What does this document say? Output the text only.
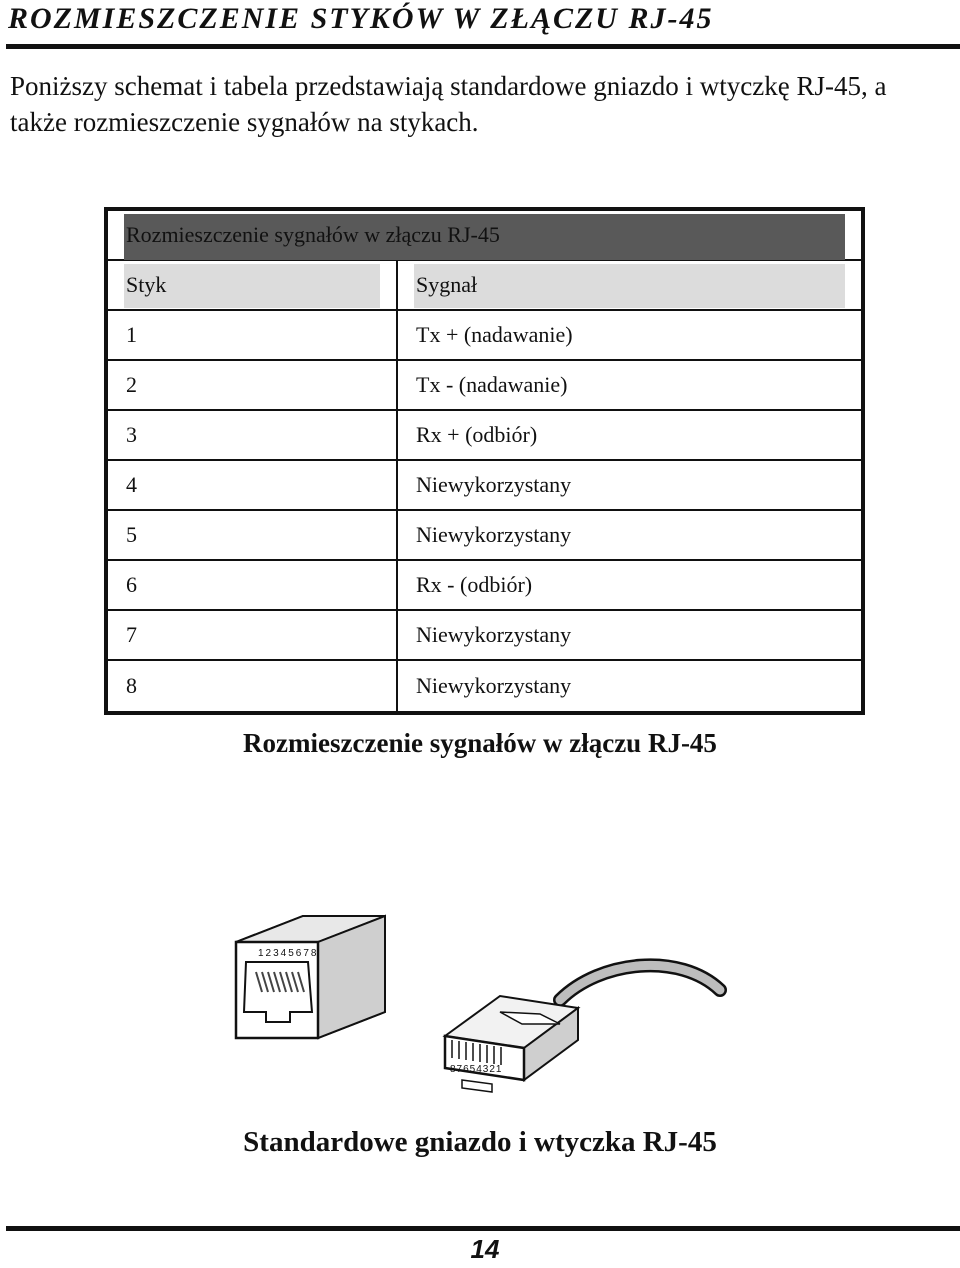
ROZMIESZCZENIE STYKÓW W ZŁĄCZU RJ-45
Poniższy schemat i tabela przedstawiają standardowe gniazdo i wtyczkę RJ-45, a także rozmieszczenie sygnałów na stykach.
Rozmieszczenie sygnałów w złączu RJ-45
Styk	Sygnał
1	Tx + (nadawanie)
2	Tx - (nadawanie)
3	Rx + (odbiór)
4	Niewykorzystany
5	Niewykorzystany
6	Rx - (odbiór)
7	Niewykorzystany
8	Niewykorzystany
Rozmieszczenie sygnałów w złączu RJ-45
12345678
87654321
Standardowe gniazdo i wtyczka RJ-45
14
